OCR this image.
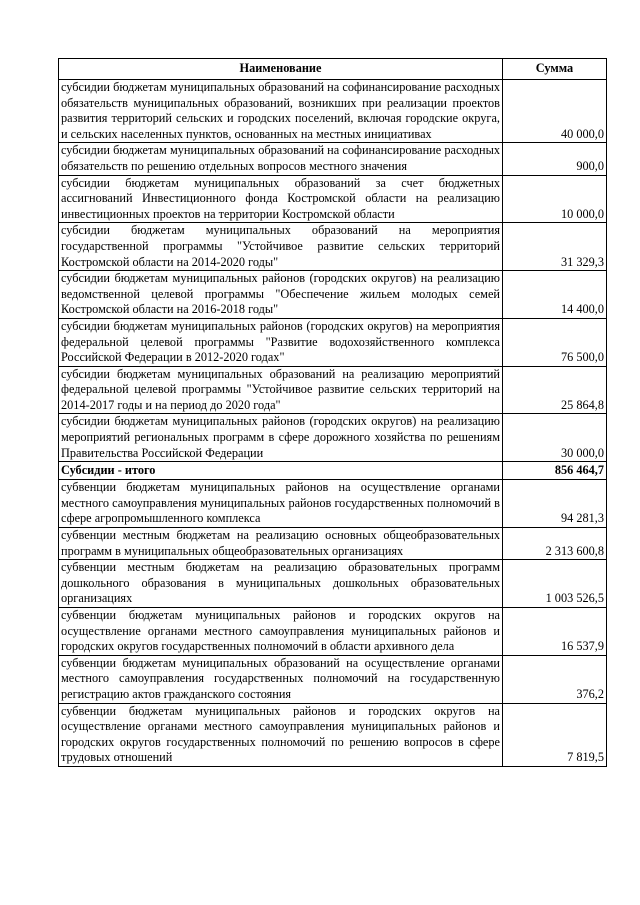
Наименование	Сумма
субсидии бюджетам муниципальных образований на софинансирование расходных обязательств муниципальных образований, возникших при реализации проектов развития территорий сельских и городских поселений, включая городские округа, и сельских населенных пунктов, основанных на местных инициативах	40 000,0
субсидии бюджетам муниципальных образований на софинансирование расходных обязательств по решению отдельных вопросов местного значения	900,0
субсидии бюджетам муниципальных образований за счет бюджетных ассигнований Инвестиционного фонда Костромской области на реализацию инвестиционных проектов на территории Костромской области	10 000,0
субсидии бюджетам муниципальных образований на мероприятия государственной программы "Устойчивое развитие сельских территорий Костромской области на 2014-2020 годы"	31 329,3
субсидии бюджетам муниципальных районов (городских округов) на реализацию ведомственной целевой программы "Обеспечение жильем молодых семей Костромской области на 2016-2018 годы"	14 400,0
субсидии бюджетам муниципальных районов (городских округов) на мероприятия федеральной целевой программы "Развитие водохозяйственного комплекса Российской Федерации в 2012-2020 годах"	76 500,0
субсидии бюджетам муниципальных образований на реализацию мероприятий федеральной целевой программы "Устойчивое развитие сельских территорий на 2014-2017 годы и на период до 2020 года"	25 864,8
субсидии бюджетам муниципальных районов (городских округов) на реализацию мероприятий региональных программ в сфере дорожного хозяйства по решениям Правительства Российской Федерации	30 000,0
Субсидии - итого	856 464,7
субвенции бюджетам муниципальных районов на осуществление органами местного самоуправления муниципальных районов государственных полномочий в сфере агропромышленного комплекса	94 281,3
субвенции местным бюджетам на реализацию основных общеобразовательных программ в муниципальных общеобразовательных организациях	2 313 600,8
субвенции местным бюджетам на реализацию образовательных программ дошкольного образования в муниципальных дошкольных образовательных организациях	1 003 526,5
субвенции бюджетам муниципальных районов и городских округов на осуществление органами местного самоуправления муниципальных районов и городских округов государственных полномочий в области архивного дела	16 537,9
субвенции бюджетам муниципальных образований на осуществление органами местного самоуправления государственных полномочий на государственную регистрацию актов гражданского состояния	376,2
субвенции бюджетам муниципальных районов и городских округов на осуществление органами местного самоуправления муниципальных районов и городских округов государственных полномочий по решению вопросов в сфере трудовых отношений	7 819,5
